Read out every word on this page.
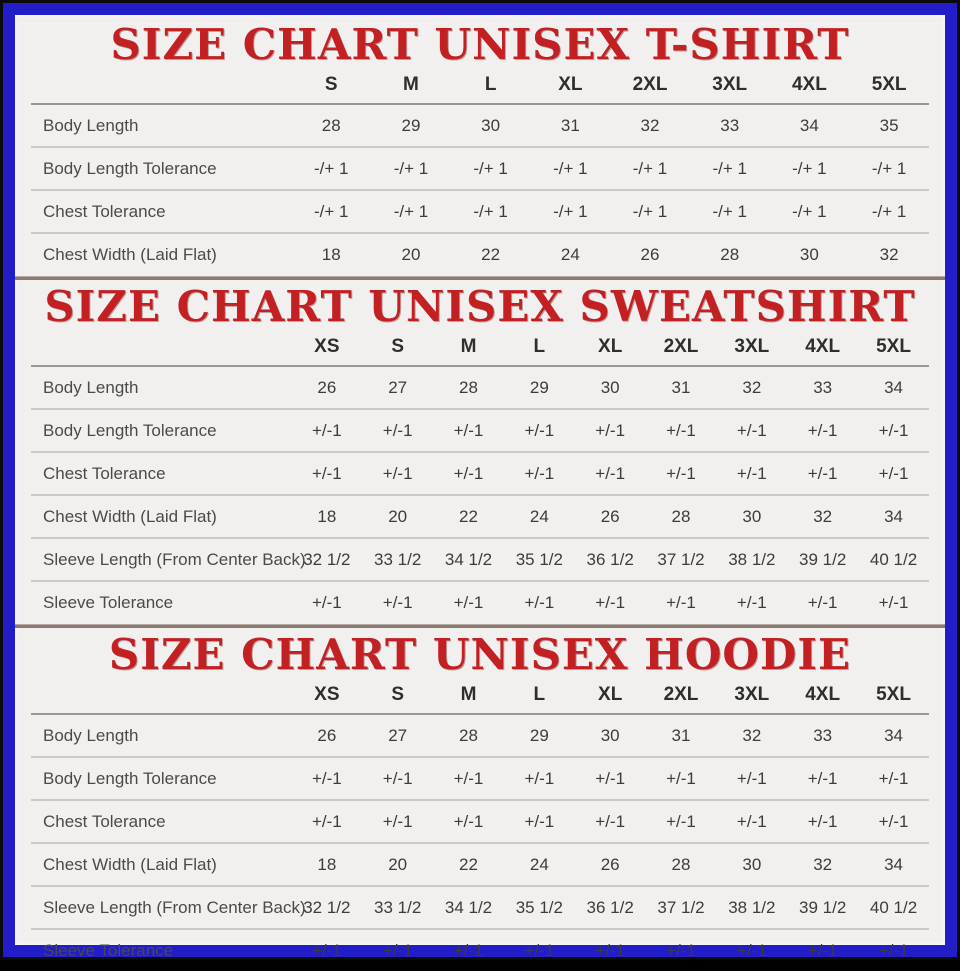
SIZE CHART UNISEX T-SHIRT
	S	M	L	XL	2XL	3XL	4XL	5XL
Body Length	28	29	30	31	32	33	34	35
Body Length Tolerance	-/+ 1	-/+ 1	-/+ 1	-/+ 1	-/+ 1	-/+ 1	-/+ 1	-/+ 1
Chest Tolerance	-/+ 1	-/+ 1	-/+ 1	-/+ 1	-/+ 1	-/+ 1	-/+ 1	-/+ 1
Chest Width (Laid Flat)	18	20	22	24	26	28	30	32
SIZE CHART UNISEX SWEATSHIRT
	XS	S	M	L	XL	2XL	3XL	4XL	5XL
Body Length	26	27	28	29	30	31	32	33	34
Body Length Tolerance	+/-1	+/-1	+/-1	+/-1	+/-1	+/-1	+/-1	+/-1	+/-1
Chest Tolerance	+/-1	+/-1	+/-1	+/-1	+/-1	+/-1	+/-1	+/-1	+/-1
Chest Width (Laid Flat)	18	20	22	24	26	28	30	32	34
Sleeve Length (From Center Back)	32 1/2	33 1/2	34 1/2	35 1/2	36 1/2	37 1/2	38 1/2	39 1/2	40 1/2
Sleeve Tolerance	+/-1	+/-1	+/-1	+/-1	+/-1	+/-1	+/-1	+/-1	+/-1
SIZE CHART UNISEX HOODIE
	XS	S	M	L	XL	2XL	3XL	4XL	5XL
Body Length	26	27	28	29	30	31	32	33	34
Body Length Tolerance	+/-1	+/-1	+/-1	+/-1	+/-1	+/-1	+/-1	+/-1	+/-1
Chest Tolerance	+/-1	+/-1	+/-1	+/-1	+/-1	+/-1	+/-1	+/-1	+/-1
Chest Width (Laid Flat)	18	20	22	24	26	28	30	32	34
Sleeve Length (From Center Back)	32 1/2	33 1/2	34 1/2	35 1/2	36 1/2	37 1/2	38 1/2	39 1/2	40 1/2
Sleeve Tolerance	+/-1	+/-1	+/-1	+/-1	+/-1	+/-1	+/-1	+/-1	+/-1
